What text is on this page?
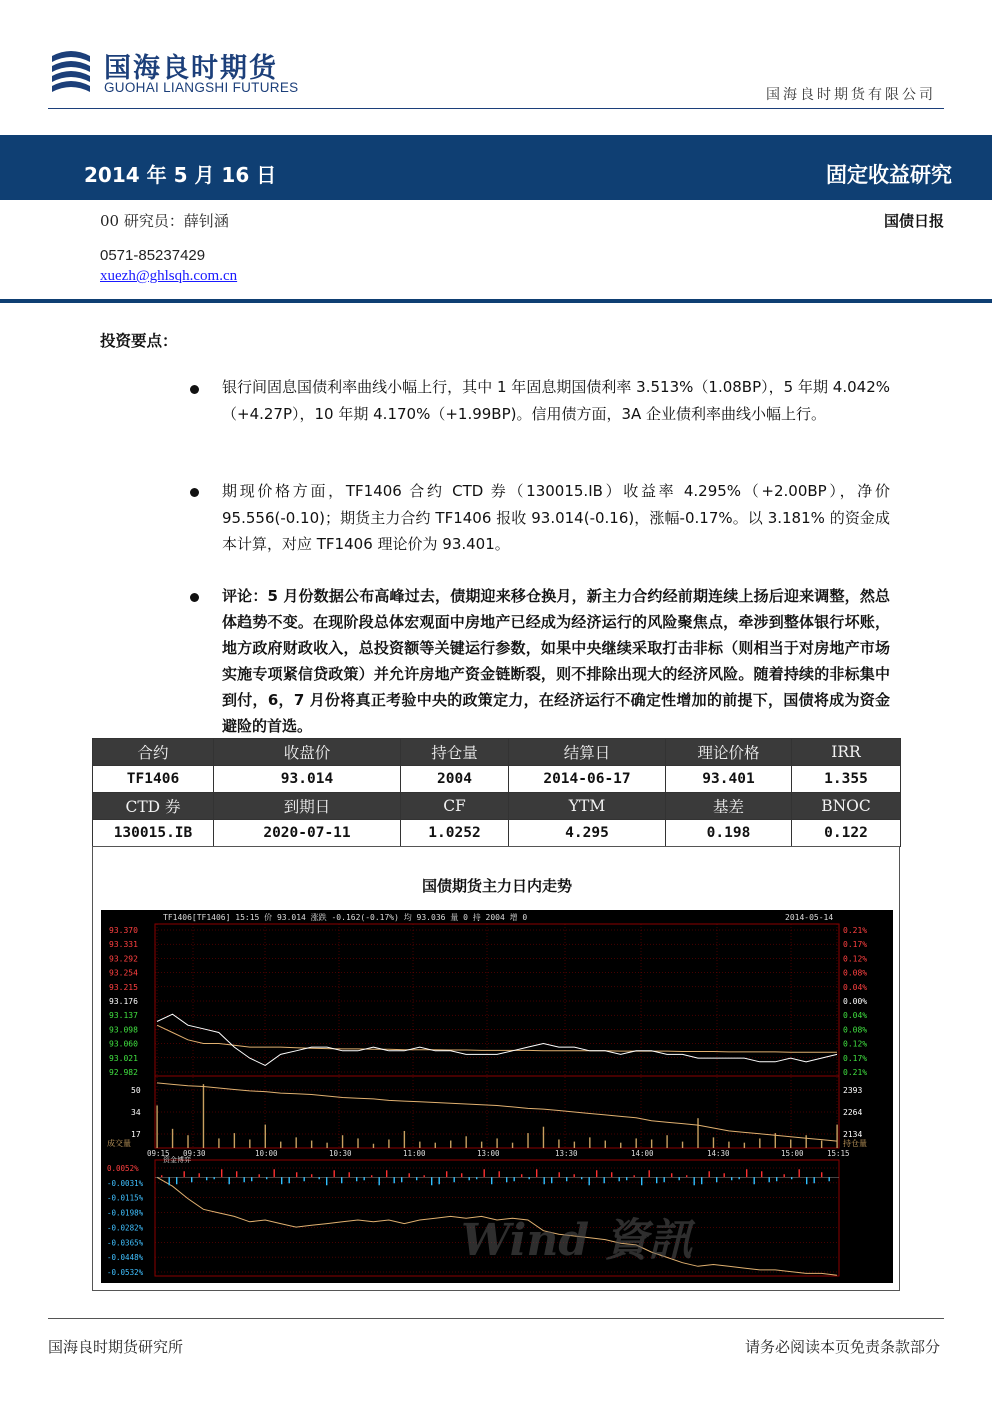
国海良时期货
GUOHAI LIANGSHI FUTURES	国海良时期货有限公司
2014 年 5 月 16 日	固定收益研究
00 研究员：薛钊涵	国债日报
0571-85237429
xuezh@ghlsqh.com.cn
投资要点：
银行间固息国债利率曲线小幅上行，其中 1 年固息期国债利率 3.513%（1.08BP），5 年期 4.042%（+4.27P），10 年期 4.170%（+1.99BP)。信用债方面，3A 企业债利率曲线小幅上行。
期现价格方面，TF1406 合约 CTD 券（130015.IB）收益率 4.295%（+2.00BP），净价 95.556(-0.10)；期货主力合约 TF1406 报收 93.014(-0.16)，涨幅-0.17%。以 3.181% 的资金成本计算，对应 TF1406 理论价为 93.401。
评论：5 月份数据公布高峰过去，债期迎来移仓换月，新主力合约经前期连续上扬后迎来调整，然总体趋势不变。在现阶段总体宏观面中房地产已经成为经济运行的风险聚焦点，牵涉到整体银行坏账，地方政府财政收入，总投资额等关键运行参数，如果中央继续采取打击非标（则相当于对房地产市场实施专项紧信贷政策）并允许房地产资金链断裂，则不排除出现大的经济风险。随着持续的非标集中到付，6，7 月份将真正考验中央的政策定力，在经济运行不确定性增加的前提下，国债将成为资金避险的首选。
合约	收盘价	持仓量	结算日	理论价格	IRR
TF1406	93.014	2004	2014-06-17	93.401	1.355
CTD 券	到期日	CF	YTM	基差	BNOC
130015.IB	2020-07-11	1.0252	4.295	0.198	0.122
国债期货主力日内走势
TF1406[TF1406] 15:15 价 93.014 涨跌 -0.162(-0.17%) 均 93.036 量 0 持 2004 增 0	2014-05-14
93.370
93.331
93.292
93.254
93.215
93.176
93.137
93.098
93.060
93.021
92.982
50
34
17
0.0052%
-0.0031%
-0.0115%
-0.0198%
-0.0282%
-0.0365%
-0.0448%
-0.0532%
0.21%
0.17%
0.12%
0.08%
0.04%
0.00%
0.04%
0.08%
0.12%
0.17%
0.21%
2393
2264
2134
09:15 09:30	10:00	10:30	11:00	13:00	13:30	14:00	14:30	15:00	15:15
成交量	持仓量
资金博弈
Wind 資訊
国海良时期货研究所	请务必阅读本页免责条款部分
